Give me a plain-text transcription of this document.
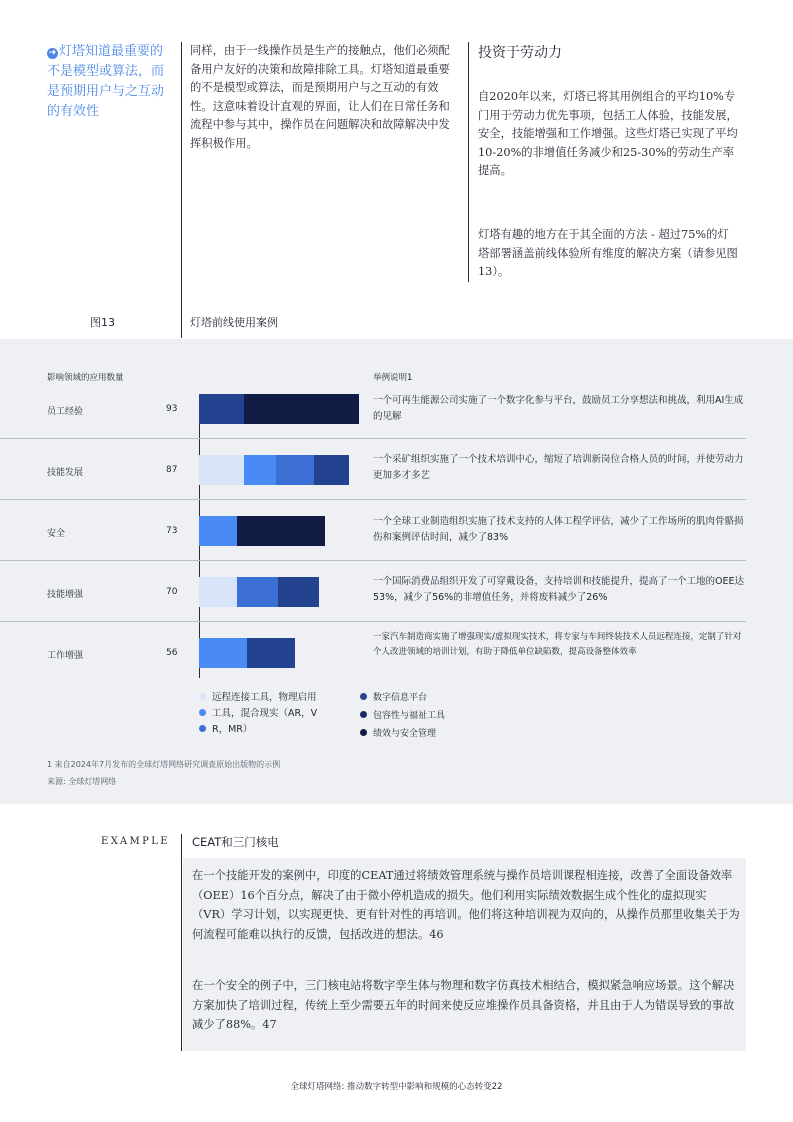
➜ 灯塔知道最重要的不是模型或算法，而是预期用户与之互动的有效性
同样，由于一线操作员是生产的接触点，他们必须配备用户友好的决策和故障排除工具。灯塔知道最重要的不是模型或算法，而是预期用户与之互动的有效性。这意味着设计直观的界面，让人们在日常任务和流程中参与其中，操作员在问题解决和故障解决中发挥积极作用。
投资于劳动力
自2020年以来，灯塔已将其用例组合的平均10%专门用于劳动力优先事项，包括工人体验，技能发展，安全，技能增强和工作增强。这些灯塔已实现了平均10-20%的非增值任务减少和25-30%的劳动生产率提高。
灯塔有趣的地方在于其全面的方法 - 超过75%的灯塔部署涵盖前线体验所有维度的解决方案（请参见图13）。
图13	灯塔前线使用案例
影响领域的应用数量	举例说明1
员工经验	93
一个可再生能源公司实施了一个数字化参与平台，鼓励员工分享想法和挑战，利用AI生成的见解
技能发展	87
一个采矿组织实施了一个技术培训中心，缩短了培训新岗位合格人员的时间，并使劳动力更加多才多艺
安全	73
一个全球工业制造组织实施了技术支持的人体工程学评估，减少了工作场所的肌肉骨骼损伤和案例评估时间，减少了83%
技能增强	70
一个国际消费品组织开发了可穿戴设备，支持培训和技能提升，提高了一个工地的OEE达53%，减少了56%的非增值任务，并将废料减少了26%
工作增强	56
一家汽车制造商实施了增强现实/虚拟现实技术，将专家与车间终装技术人员远程连接，定制了针对个人改进领域的培训计划，有助于降低单位缺陷数，提高设备整体效率
远程连接工具，物理启用
工具，混合现实（AR，V
R，MR）
数字信息平台
包容性与福祉工具
绩效与安全管理
1 来自2024年7月发布的全球灯塔网络研究调查原始出版物的示例
来源: 全球灯塔网络
EXAMPLE CEAT和三门核电
在一个技能开发的案例中，印度的CEAT通过将绩效管理系统与操作员培训课程相连接，改善了全面设备效率（OEE）16个百分点，解决了由于微小停机造成的损失。他们利用实际绩效数据生成个性化的虚拟现实（VR）学习计划，以实现更快、更有针对性的再培训。他们将这种培训视为双向的，从操作员那里收集关于为何流程可能难以执行的反馈，包括改进的想法。46
在一个安全的例子中，三门核电站将数字孪生体与物理和数字仿真技术相结合，模拟紧急响应场景。这个解决方案加快了培训过程，传统上至少需要五年的时间来使反应堆操作员具备资格，并且由于人为错误导致的事故减少了88%。47
全球灯塔网络: 推动数字转型中影响和规模的心态转变22
